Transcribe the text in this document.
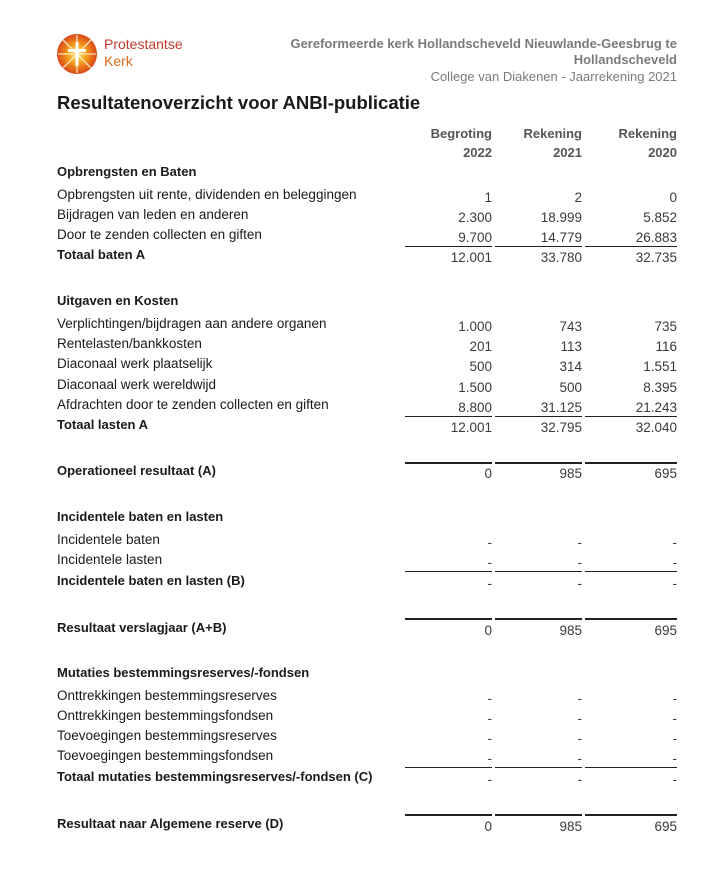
Protestantse
Kerk
Gereformeerde kerk Hollandscheveld Nieuwlande-Geesbrug te
Hollandscheveld
College van Diakenen - Jaarrekening 2021
Resultatenoverzicht voor ANBI-publicatie
Begroting
2022
Rekening
2021
Rekening
2020
Opbrengsten en Baten
Opbrengsten uit rente, dividenden en beleggingen	1	2	0
Bijdragen van leden en anderen	2.300	18.999	5.852
Door te zenden collecten en giften	9.700	14.779	26.883
Totaal baten A	12.001	33.780	32.735
Uitgaven en Kosten
Verplichtingen/bijdragen aan andere organen	1.000	743	735
Rentelasten/bankkosten	201	113	116
Diaconaal werk plaatselijk	500	314	1.551
Diaconaal werk wereldwijd	1.500	500	8.395
Afdrachten door te zenden collecten en giften	8.800	31.125	21.243
Totaal lasten A	12.001	32.795	32.040
Operationeel resultaat (A)	0	985	695
Incidentele baten en lasten
Incidentele baten	-	-	-
Incidentele lasten	-	-	-
Incidentele baten en lasten (B)	-	-	-
Resultaat verslagjaar (A+B)	0	985	695
Mutaties bestemmingsreserves/-fondsen
Onttrekkingen bestemmingsreserves	-	-	-
Onttrekkingen bestemmingsfondsen	-	-	-
Toevoegingen bestemmingsreserves	-	-	-
Toevoegingen bestemmingsfondsen	-	-	-
Totaal mutaties bestemmingsreserves/-fondsen (C)	-	-	-
Resultaat naar Algemene reserve (D)	0	985	695
